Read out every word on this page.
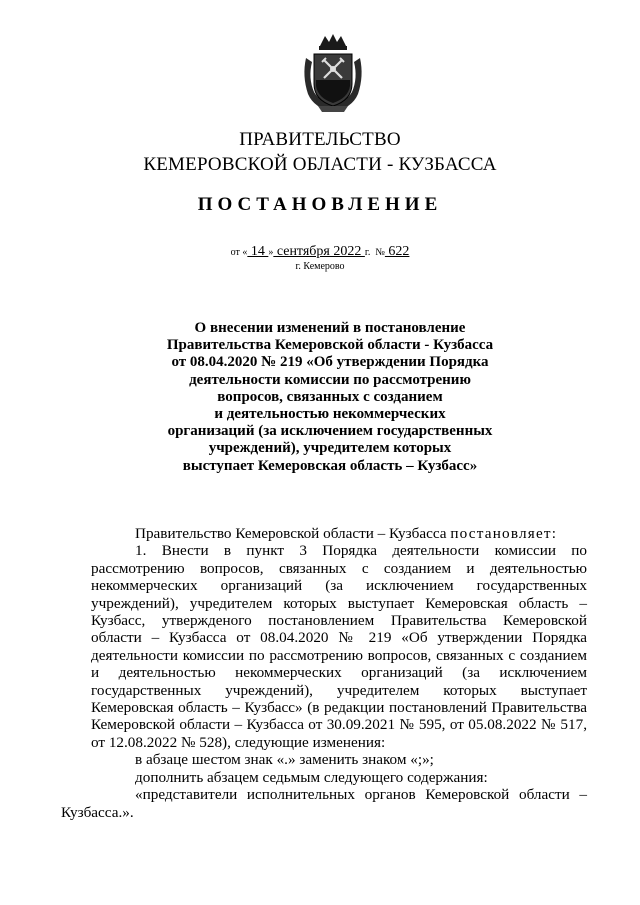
ПРАВИТЕЛЬСТВО
КЕМЕРОВСКОЙ ОБЛАСТИ - КУЗБАССА
ПОСТАНОВЛЕНИЕ
от « 14 » сентября 2022 г. № 622
г. Кемерово
О внесении изменений в постановление
Правительства Кемеровской области - Кузбасса
от 08.04.2020 № 219 «Об утверждении Порядка
деятельности комиссии по рассмотрению
вопросов, связанных с созданием
и деятельностью некоммерческих
организаций (за исключением государственных
учреждений), учредителем которых
выступает Кемеровская область – Кузбасс»
Правительство Кемеровской области – Кузбасса постановляет:
1. Внести в пункт 3 Порядка деятельности комиссии по
рассмотрению вопросов, связанных с созданием и деятельностью
некоммерческих организаций (за исключением государственных
учреждений), учредителем которых выступает Кемеровская область –
Кузбасс, утвержденого постановлением Правительства Кемеровской
области – Кузбасса от 08.04.2020 № 219 «Об утверждении Порядка
деятельности комиссии по рассмотрению вопросов, связанных с созданием
и деятельностью некоммерческих организаций (за исключением
государственных учреждений), учредителем которых выступает
Кемеровская область – Кузбасс» (в редакции постановлений Правительства
Кемеровской области – Кузбасса от 30.09.2021 № 595, от 05.08.2022 № 517,
от 12.08.2022 № 528), следующие изменения:
в абзаце шестом знак «.» заменить знаком «;»;
дополнить абзацем седьмым следующего содержания:
«представители исполнительных органов Кемеровской области –
Кузбасса.».
